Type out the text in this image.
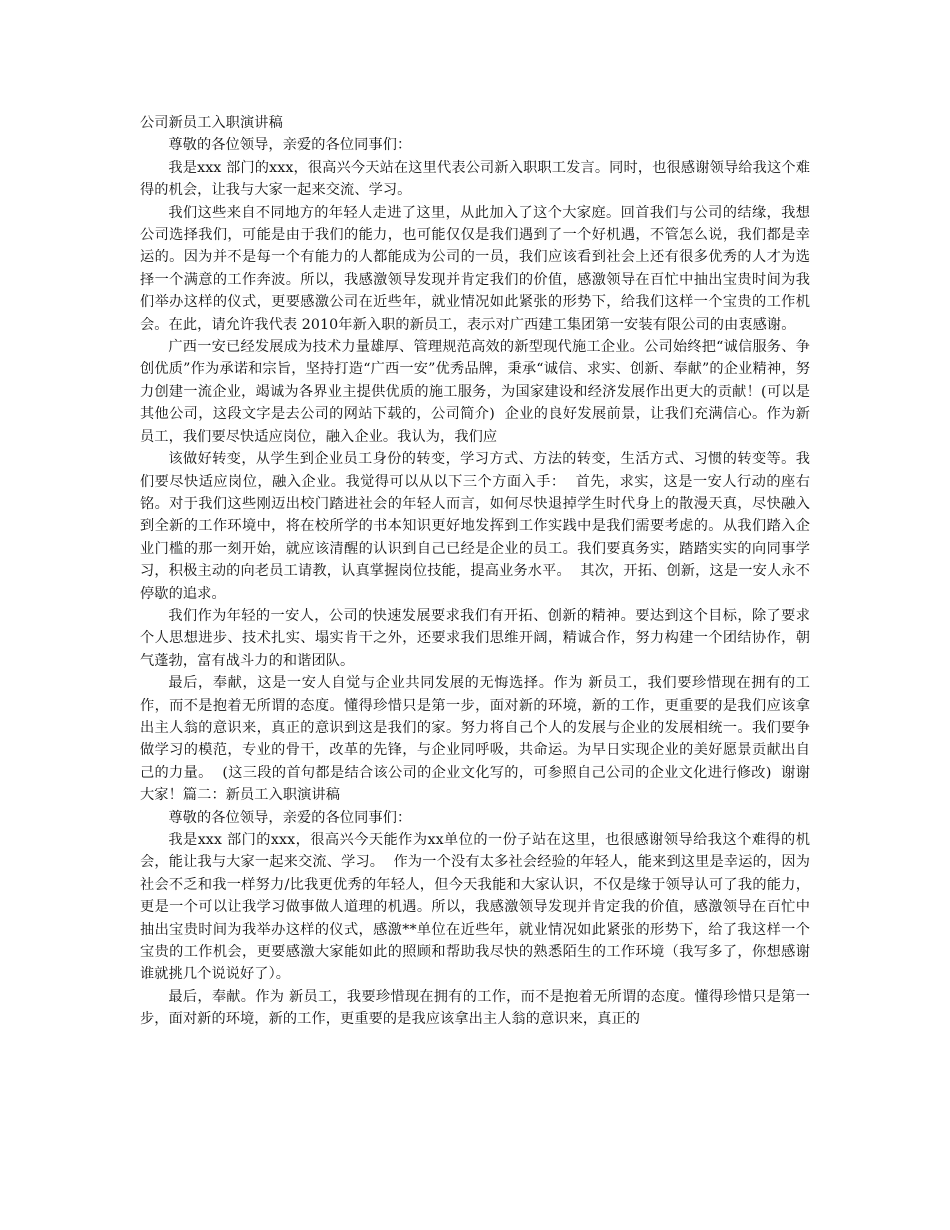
公司新员工入职演讲稿

尊敬的各位领导，亲爱的各位同事们：

我是xxx 部门的xxx，很高兴今天站在这里代表公司新入职职工发言。同时，也很感谢领导给我这个难得的机会，让我与大家一起来交流、学习。

我们这些来自不同地方的年轻人走进了这里，从此加入了这个大家庭。回首我们与公司的结缘，我想公司选择我们，可能是由于我们的能力，也可能仅仅是我们遇到了一个好机遇，不管怎么说，我们都是幸运的。因为并不是每一个有能力的人都能成为公司的一员，我们应该看到社会上还有很多优秀的人才为选择一个满意的工作奔波。所以，我感激领导发现并肯定我们的价值，感激领导在百忙中抽出宝贵时间为我们举办这样的仪式，更要感激公司在近些年，就业情况如此紧张的形势下，给我们这样一个宝贵的工作机会。在此，请允许我代表 2010年新入职的新员工，表示对广西建工集团第一安装有限公司的由衷感谢。

广西一安已经发展成为技术力量雄厚、管理规范高效的新型现代施工企业。公司始终把“诚信服务、争创优质”作为承诺和宗旨，坚持打造“广西一安”优秀品牌，秉承“诚信、求实、创新、奉献”的企业精神，努力创建一流企业，竭诚为各界业主提供优质的施工服务，为国家建设和经济发展作出更大的贡献！(可以是其他公司，这段文字是去公司的网站下载的，公司简介)  企业的良好发展前景，让我们充满信心。作为新员工，我们要尽快适应岗位，融入企业。我认为，我们应

该做好转变，从学生到企业员工身份的转变，学习方式、方法的转变，生活方式、习惯的转变等。我们要尽快适应岗位，融入企业。我觉得可以从以下三个方面入手：  首先，求实，这是一安人行动的座右铭。对于我们这些刚迈出校门踏进社会的年轻人而言，如何尽快退掉学生时代身上的散漫天真，尽快融入到全新的工作环境中，将在校所学的书本知识更好地发挥到工作实践中是我们需要考虑的。从我们踏入企业门槛的那一刻开始，就应该清醒的认识到自己已经是企业的员工。我们要真务实，踏踏实实的向同事学习，积极主动的向老员工请教，认真掌握岗位技能，提高业务水平。  其次，开拓、创新，这是一安人永不停歇的追求。

我们作为年轻的一安人，公司的快速发展要求我们有开拓、创新的精神。要达到这个目标，除了要求个人思想进步、技术扎实、塌实肯干之外，还要求我们思维开阔，精诚合作，努力构建一个团结协作，朝气蓬勃，富有战斗力的和谐团队。

最后，奉献，这是一安人自觉与企业共同发展的无悔选择。作为 新员工，我们要珍惜现在拥有的工作，而不是抱着无所谓的态度。懂得珍惜只是第一步，面对新的环境，新的工作，更重要的是我们应该拿出主人翁的意识来，真正的意识到这是我们的家。努力将自己个人的发展与企业的发展相统一。我们要争做学习的模范，专业的骨干，改革的先锋，与企业同呼吸，共命运。为早日实现企业的美好愿景贡献出自己的力量。  (这三段的首句都是结合该公司的企业文化写的，可参照自己公司的企业文化进行修改)  谢谢大家！篇二：新员工入职演讲稿

尊敬的各位领导，亲爱的各位同事们：

我是xxx 部门的xxx，很高兴今天能作为xx单位的一份子站在这里，也很感谢领导给我这个难得的机会，能让我与大家一起来交流、学习。  作为一个没有太多社会经验的年轻人，能来到这里是幸运的，因为社会不乏和我一样努力/比我更优秀的年轻人，但今天我能和大家认识，不仅是缘于领导认可了我的能力，更是一个可以让我学习做事做人道理的机遇。所以，我感激领导发现并肯定我的价值，感激领导在百忙中抽出宝贵时间为我举办这样的仪式，感激**单位在近些年，就业情况如此紧张的形势下，给了我这样一个宝贵的工作机会，更要感激大家能如此的照顾和帮助我尽快的熟悉陌生的工作环境（我写多了，你想感谢谁就挑几个说说好了）。

最后，奉献。作为 新员工，我要珍惜现在拥有的工作，而不是抱着无所谓的态度。懂得珍惜只是第一步，面对新的环境，新的工作，更重要的是我应该拿出主人翁的意识来，真正的
